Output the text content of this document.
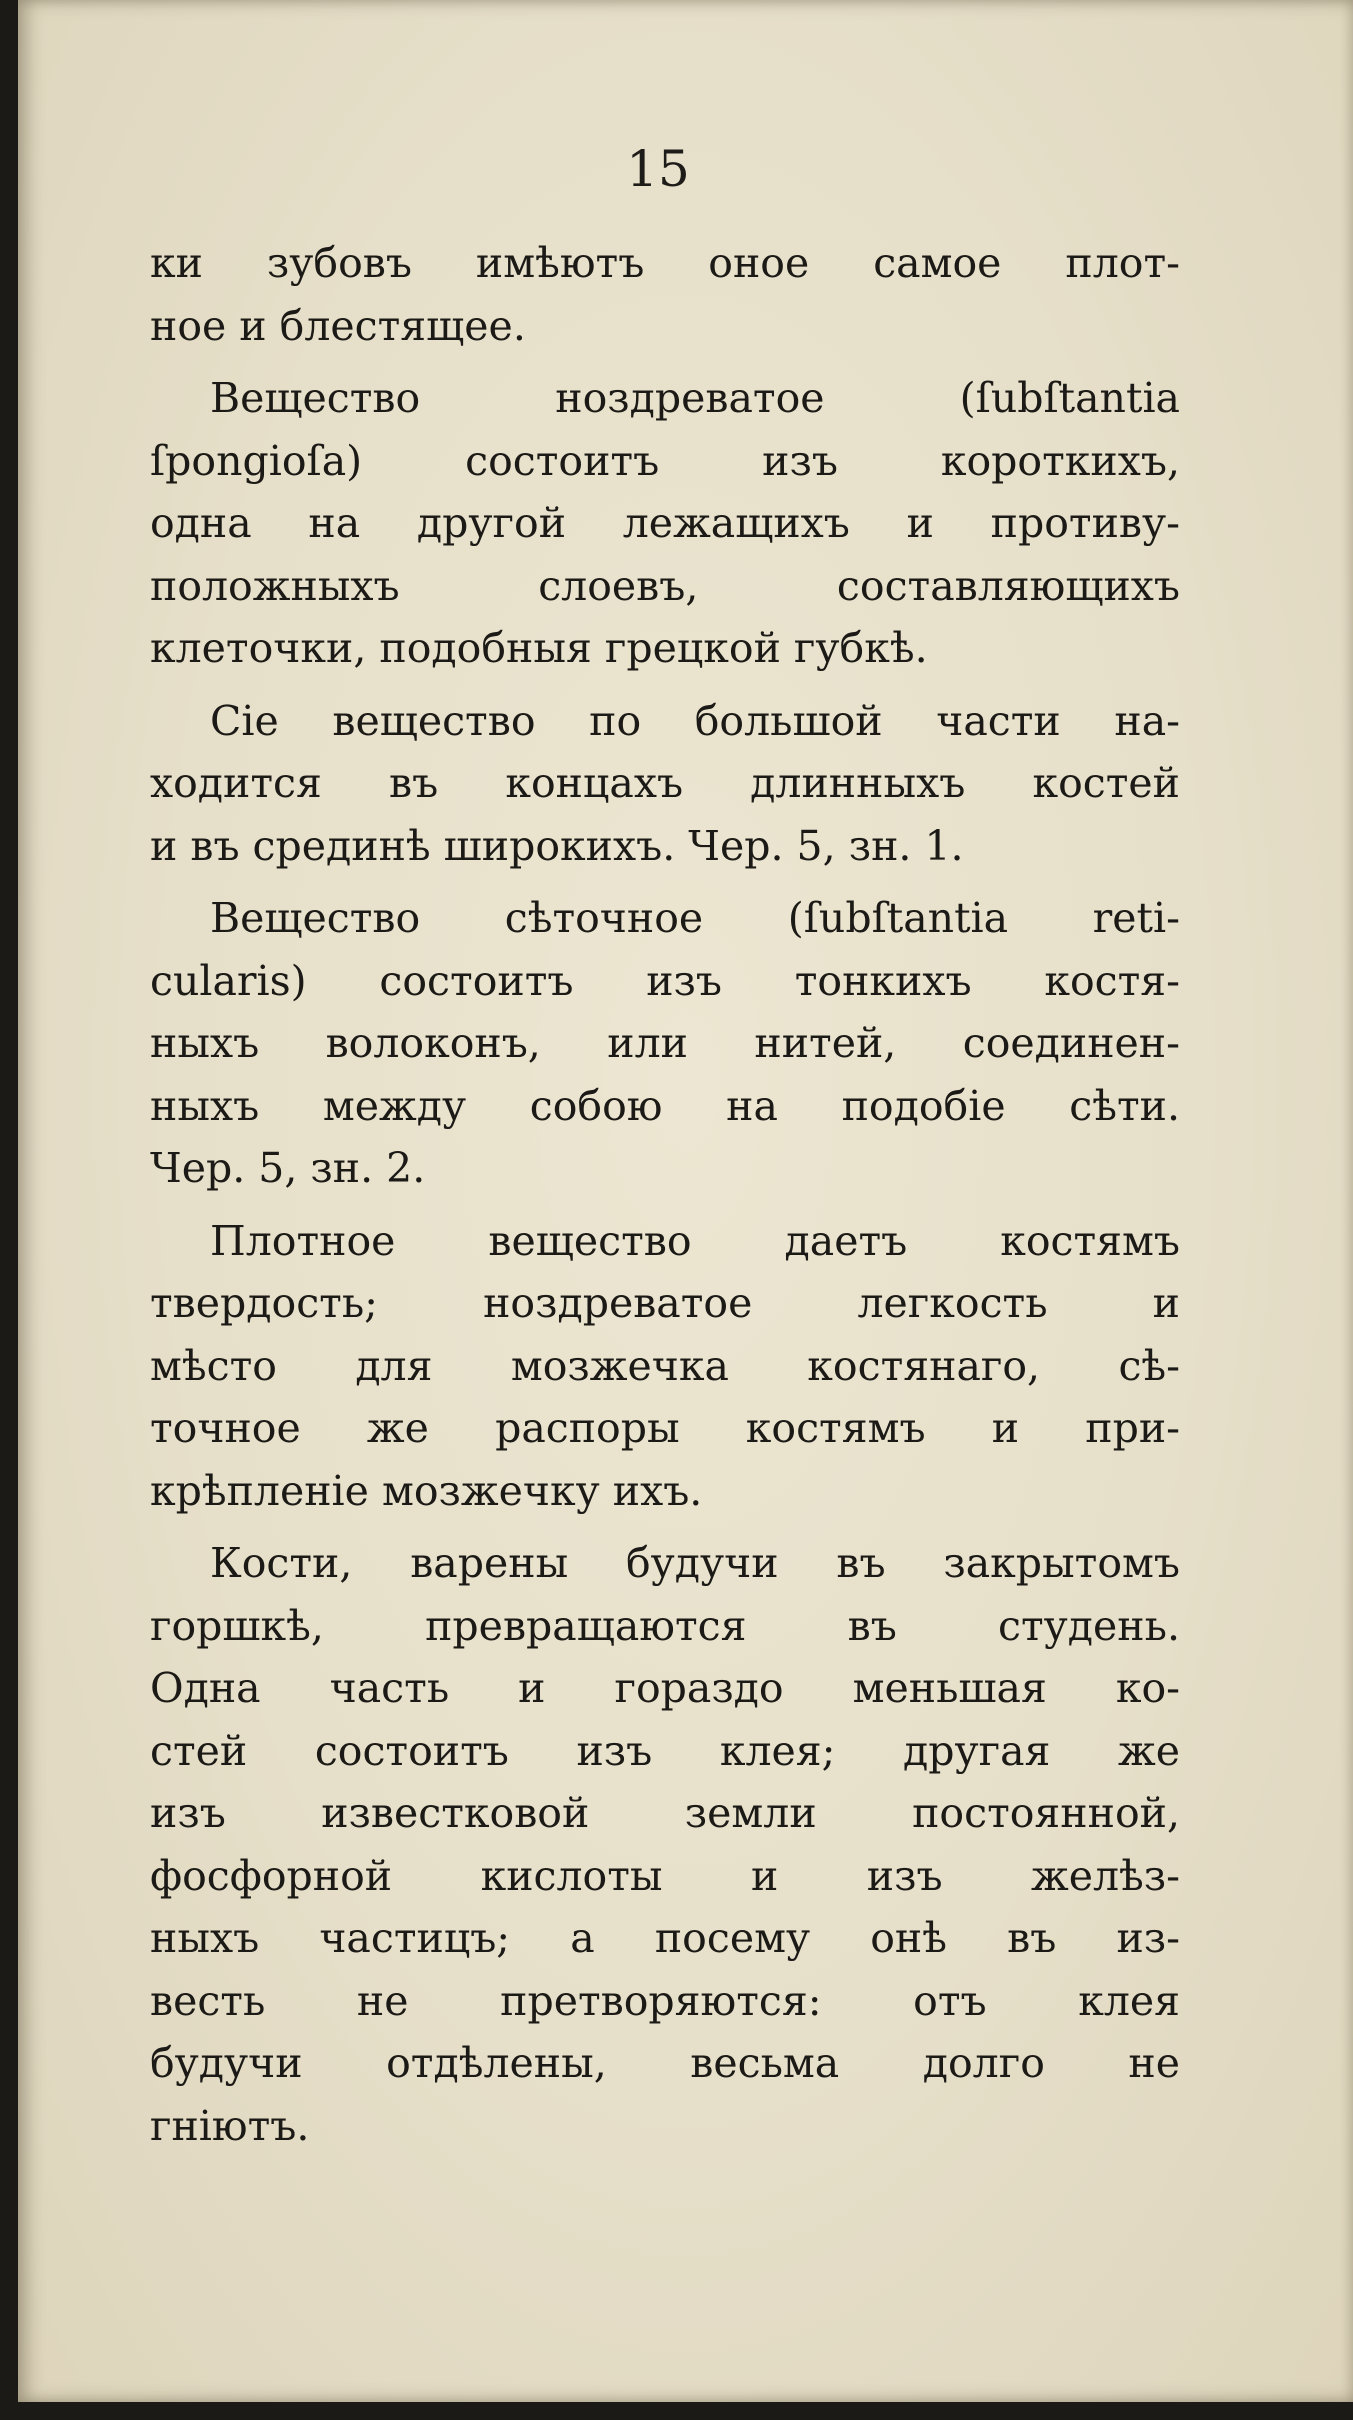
15
ки зубовъ имѣютъ оное самое плот-
ное и блестящее.
Вещество ноздреватое (ſubſtantia
ſpongioſa) состоитъ изъ короткихъ,
одна на другой лежащихъ и противу-
положныхъ слоевъ, составляющихъ
клеточки, подобныя грецкой губкѣ.
Сiе вещество по большой части на-
ходится въ концахъ длинныхъ костей
и въ срединѣ широкихъ. Чер. 5, зн. 1.
Вещество сѣточное (ſubſtantia reti-
cularis) состоитъ изъ тонкихъ костя-
ныхъ волоконъ, или нитей, соединен-
ныхъ между собою на подобiе сѣти.
Чер. 5, зн. 2.
Плотное вещество даетъ костямъ
твердость; ноздреватое легкость и
мѣсто для мозжечка костянаго, сѣ-
точное же распоры костямъ и при-
крѣпленiе мозжечку ихъ.
Кости, варены будучи въ закрытомъ
горшкѣ, превращаются въ студень.
Одна часть и гораздо меньшая ко-
стей состоитъ изъ клея; другая же
изъ известковой земли постоянной,
фосфорной кислоты и изъ желѣз-
ныхъ частицъ; а посему онѣ въ из-
весть не претворяются: отъ клея
будучи отдѣлены, весьма долго не
гнiютъ.
